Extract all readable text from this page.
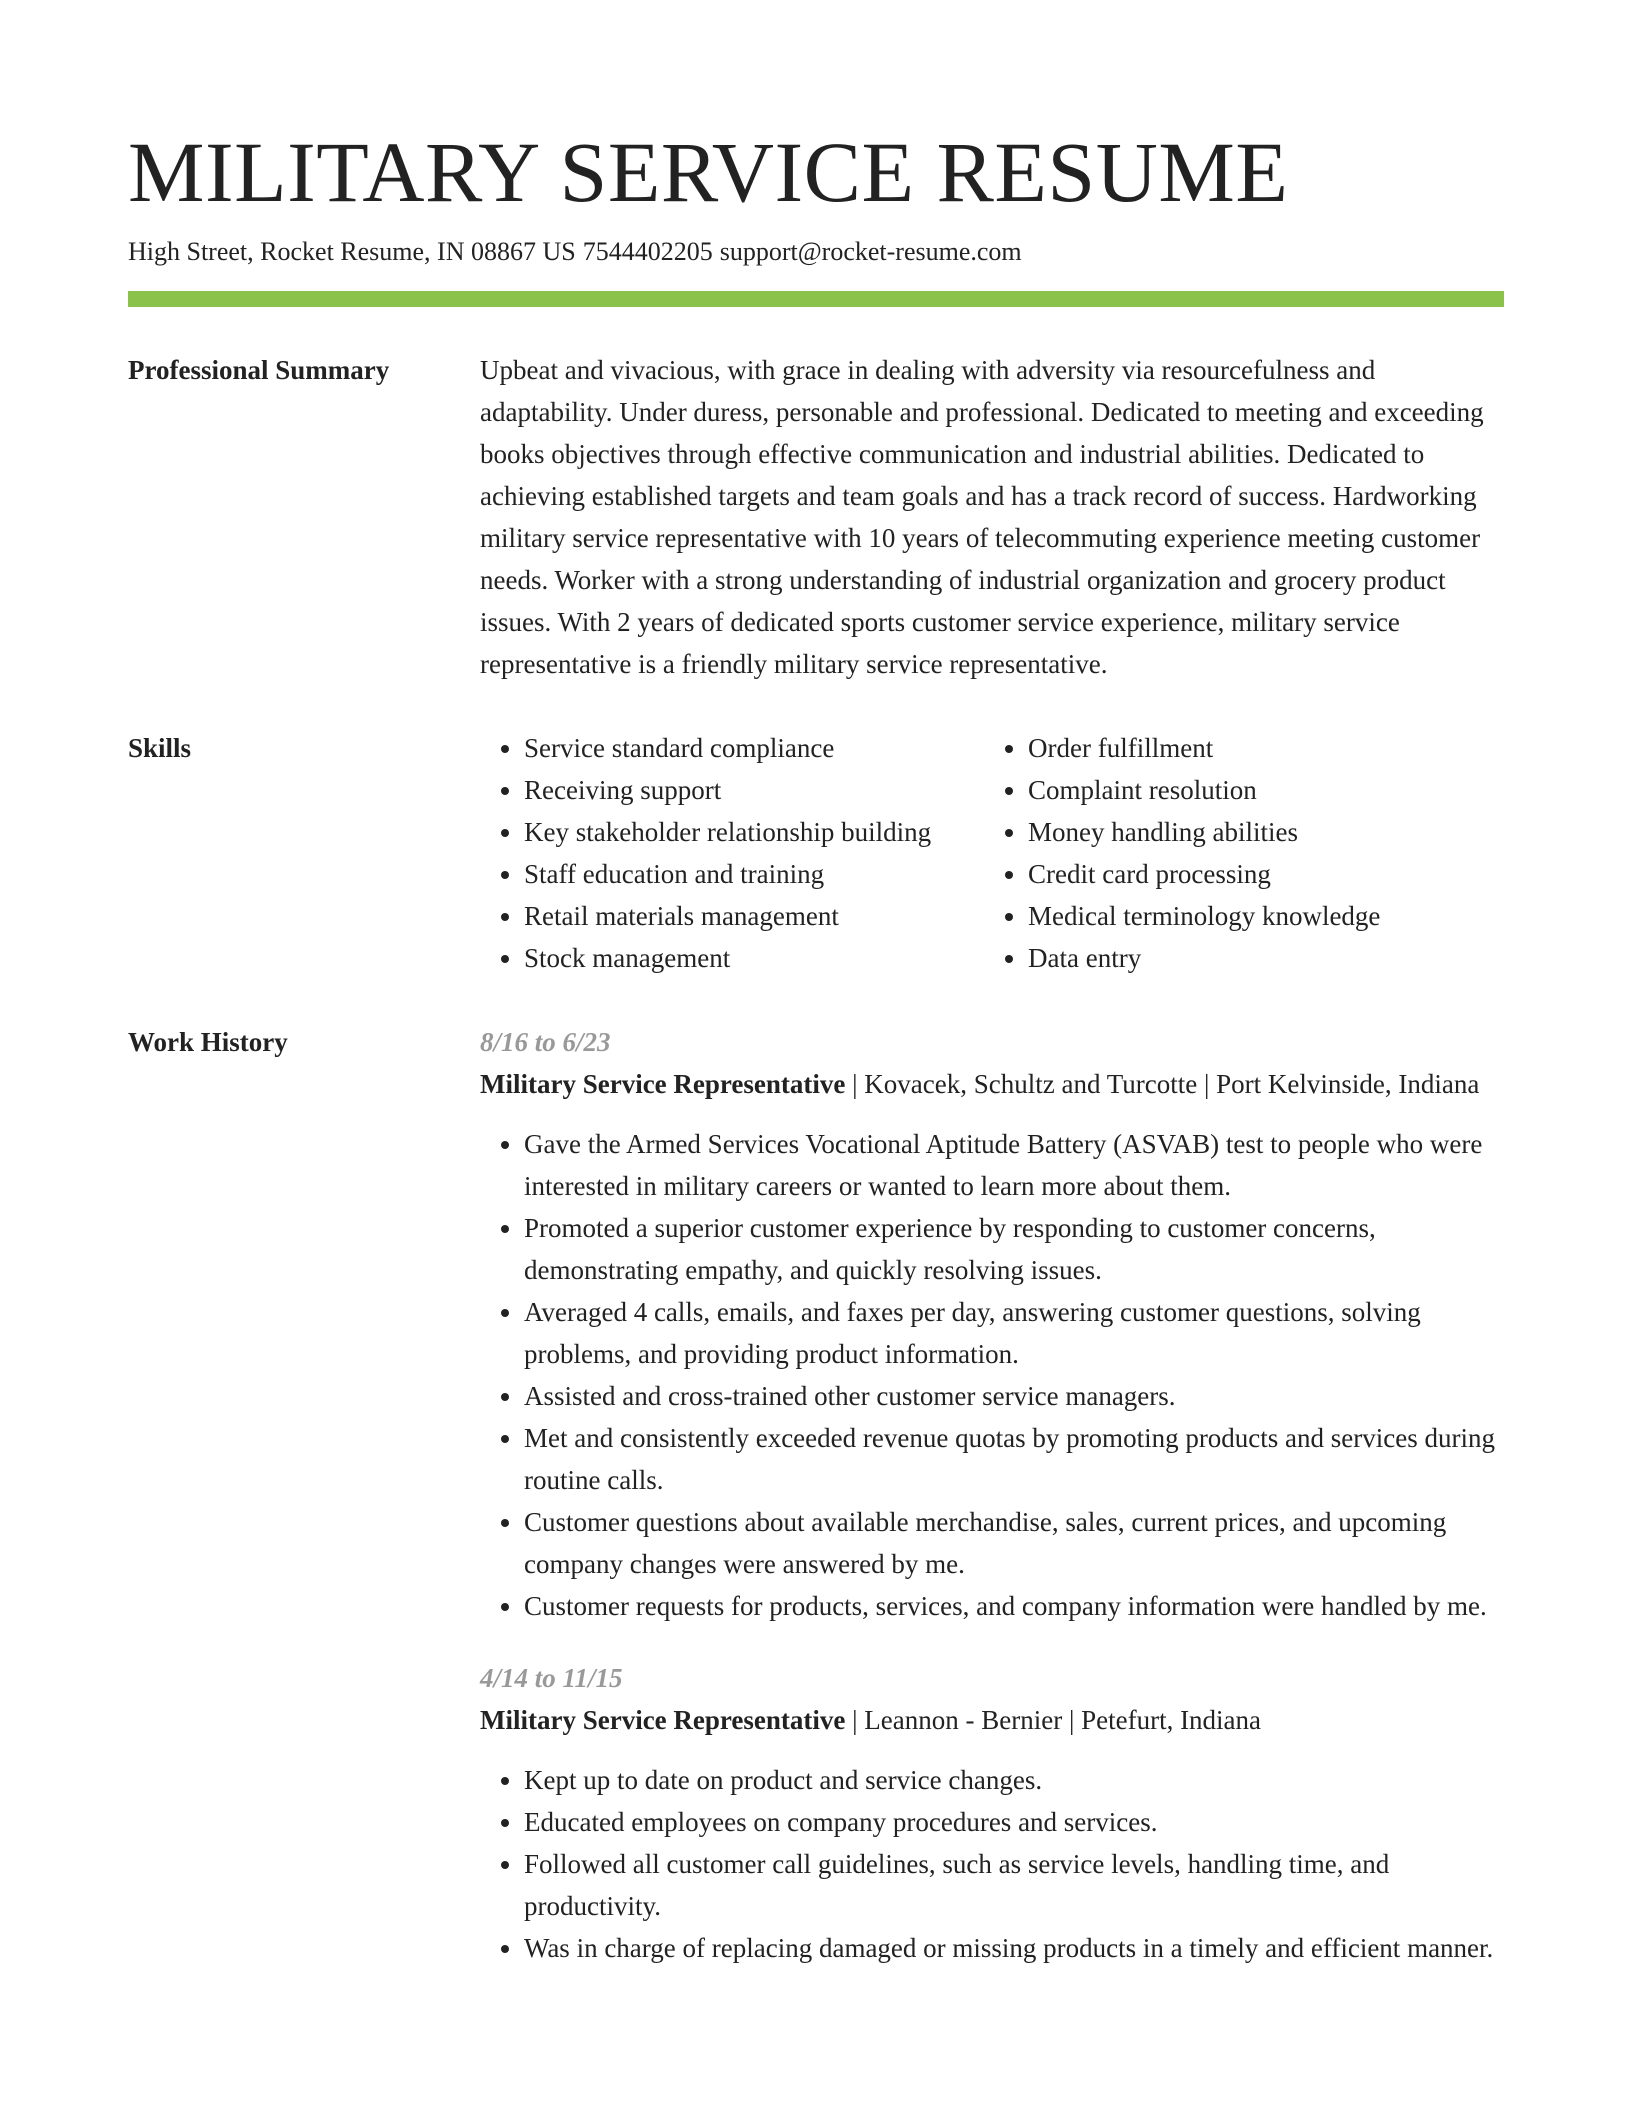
MILITARY SERVICE RESUME
High Street, Rocket Resume, IN 08867 US 7544402205 support@rocket-resume.com
Professional Summary	Upbeat and vivacious, with grace in dealing with adversity via resourcefulness and adaptability. Under duress, personable and professional. Dedicated to meeting and exceeding books objectives through effective communication and industrial abilities. Dedicated to achieving established targets and team goals and has a track record of success. Hardworking military service representative with 10 years of telecommuting experience meeting customer needs. Worker with a strong understanding of industrial organization and grocery product issues. With 2 years of dedicated sports customer service experience, military service representative is a friendly military service representative.

Skills
•	Service standard compliance
• Receiving support
• Key stakeholder relationship building
• Staff education and training
• Retail materials management
• Stock management
• Order fulfillment
• Complaint resolution
• Money handling abilities
• Credit card processing
• Medical terminology knowledge
• Data entry
Work History	8/16 to 6/23
Military Service Representative | Kovacek, Schultz and Turcotte | Port Kelvinside, Indiana
• Gave the Armed Services Vocational Aptitude Battery (ASVAB) test to people who were interested in military careers or wanted to learn more about them.
• Promoted a superior customer experience by responding to customer concerns, demonstrating empathy, and quickly resolving issues.
• Averaged 4 calls, emails, and faxes per day, answering customer questions, solving problems, and providing product information.
• Assisted and cross-trained other customer service managers.
• Met and consistently exceeded revenue quotas by promoting products and services during routine calls.
• Customer questions about available merchandise, sales, current prices, and upcoming company changes were answered by me.
• Customer requests for products, services, and company information were handled by me.
4/14 to 11/15
Military Service Representative | Leannon - Bernier | Petefurt, Indiana
• Kept up to date on product and service changes.
• Educated employees on company procedures and services.
• Followed all customer call guidelines, such as service levels, handling time, and productivity.
• Was in charge of replacing damaged or missing products in a timely and efficient manner.
